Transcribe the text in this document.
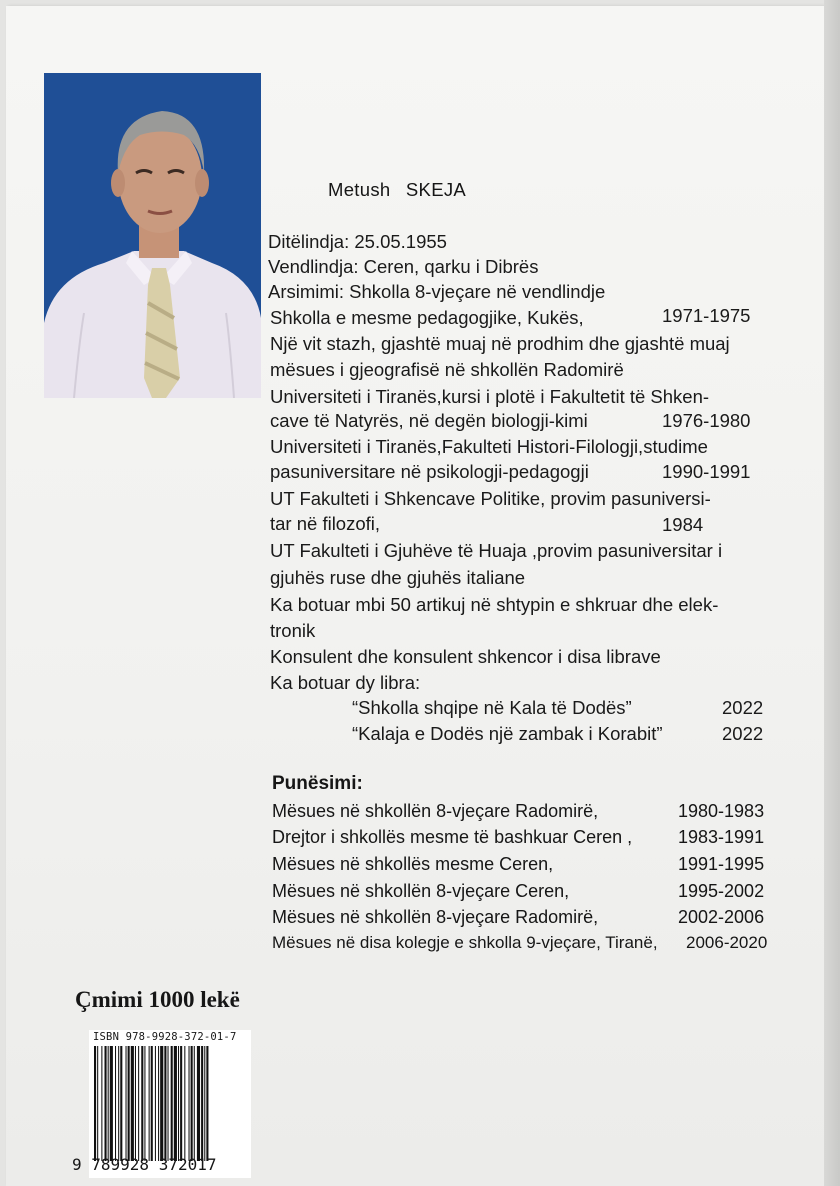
Metush SKEJA
Ditëlindja: 25.05.1955
Vendlindja: Ceren, qarku i Dibrës
Arsimimi: Shkolla 8-vjeçare në vendlindje
Shkolla e mesme pedagogjike, Kukës,	1971-1975
Një vit stazh, gjashtë muaj në prodhim dhe gjashtë muaj
mësues i gjeografisë në shkollën Radomirë
Universiteti i Tiranës,kursi i plotë i Fakultetit të Shken-
cave të Natyrës, në degën biologji-kimi	1976-1980
Universiteti i Tiranës,Fakulteti Histori-Filologji,studime
pasuniversitare në psikologji-pedagogji	1990-1991
UT Fakulteti i Shkencave Politike, provim pasuniversi-
tar në filozofi,	1984
UT Fakulteti i Gjuhëve të Huaja ,provim pasuniversitar i
gjuhës ruse dhe gjuhës italiane
Ka botuar mbi 50 artikuj në shtypin e shkruar dhe elek-
tronik
Konsulent dhe konsulent shkencor i disa librave
Ka botuar dy libra:
“Shkolla shqipe në Kala të Dodës”	2022
“Kalaja e Dodës një zambak i Korabit”	2022
Punësimi:
Mësues në shkollën 8-vjeçare Radomirë,	1980-1983
Drejtor i shkollës mesme të bashkuar Ceren ,	1983-1991
Mësues në shkollës mesme Ceren,	1991-1995
Mësues në shkollën 8-vjeçare Ceren,	1995-2002
Mësues në shkollën 8-vjeçare Radomirë,	2002-2006
Mësues në disa kolegje e shkolla 9-vjeçare, Tiranë, 2006-2020
Çmimi 1000 lekë
ISBN 978-9928-372-01-7
9 789928 372017
